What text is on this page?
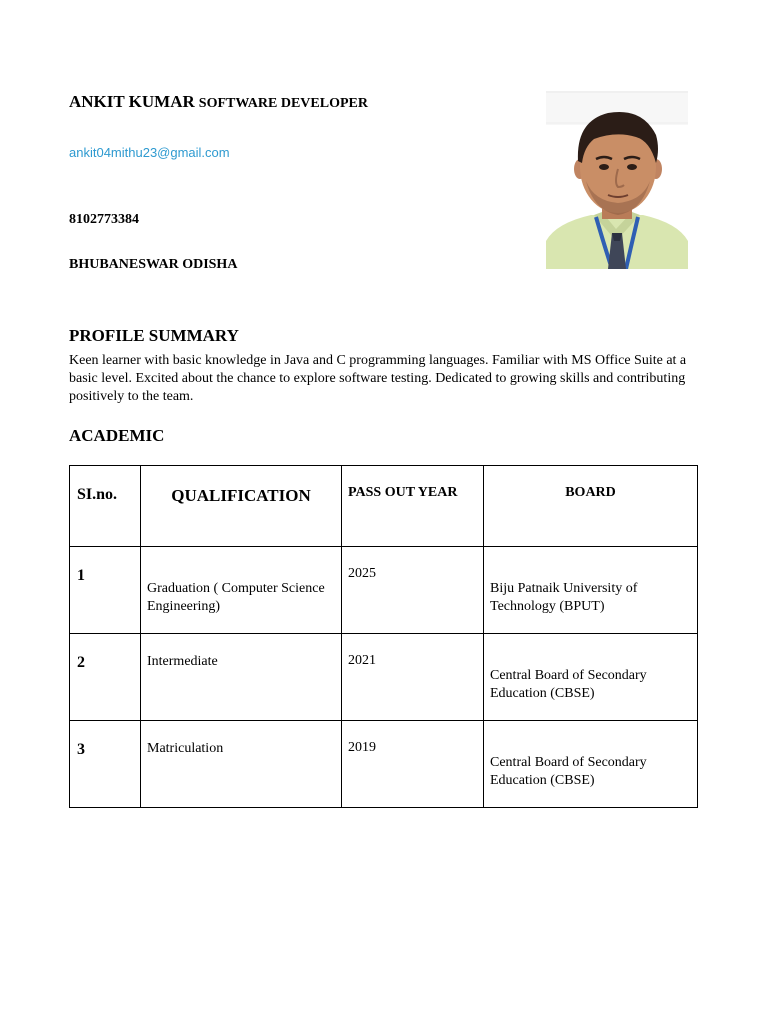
ANKIT KUMAR SOFTWARE DEVELOPER
ankit04mithu23@gmail.com
8102773384
BHUBANESWAR ODISHA
PROFILE SUMMARY
Keen learner with basic knowledge in Java and C programming languages. Familiar with MS Office Suite at a basic level. Excited about the chance to explore software testing. Dedicated to growing skills and contributing positively to the team.
ACADEMIC
SI.no.	QUALIFICATION	PASS OUT YEAR	BOARD

1	Graduation ( Computer Science Engineering)	2025	Biju Patnaik University of Technology (BPUT)

2	Intermediate	2021	Central Board of Secondary Education (CBSE)

3	Matriculation	2019	Central Board of Secondary Education (CBSE)
